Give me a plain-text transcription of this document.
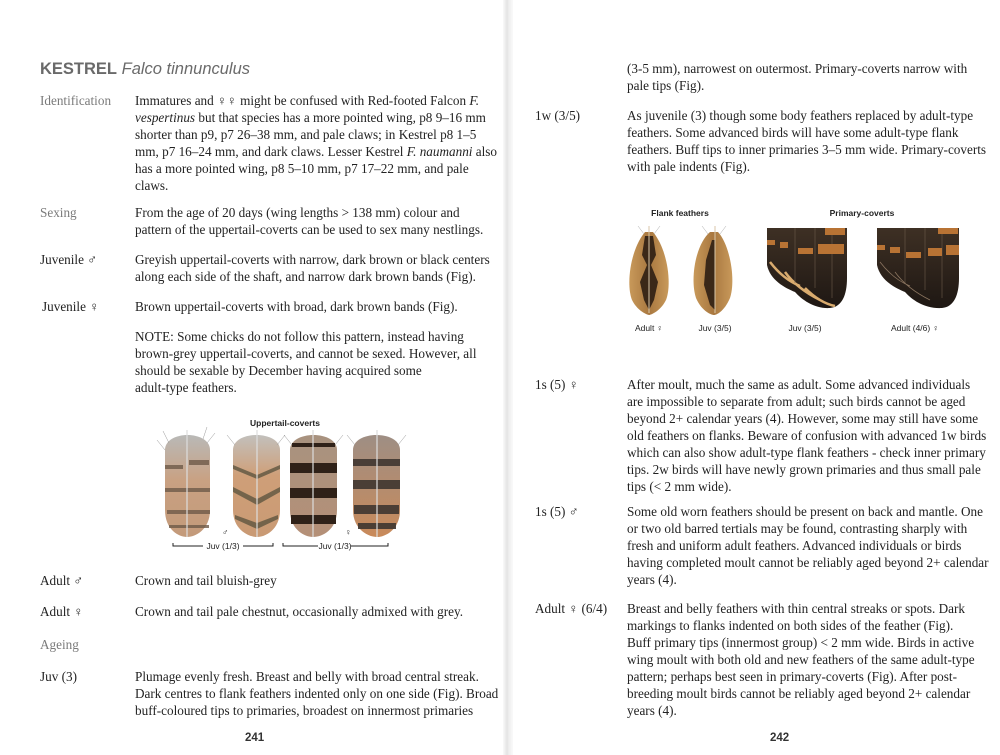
KESTREL Falco tinnunculus
Identification Immatures and ♀♀ might be confused with Red-footed Falcon F.
vespertinus but that species has a more pointed wing, p8 9–16 mm
shorter than p9, p7 26–38 mm, and pale claws; in Kestrel p8 1–5
mm, p7 16–24 mm, and dark claws. Lesser Kestrel F. naumanni also
has a more pointed wing, p8 5–10 mm, p7 17–22 mm, and pale
claws.
Sexing	From the age of 20 days (wing lengths > 138 mm) colour and
pattern of the uppertail-coverts can be used to sex many nestlings.
Juvenile ♂	Greyish uppertail-coverts with narrow, dark brown or black centers
along each side of the shaft, and narrow dark brown bands (Fig).
Juvenile ♀	Brown uppertail-coverts with broad, dark brown bands (Fig).
NOTE: Some chicks do not follow this pattern, instead having
brown-grey uppertail-coverts, and cannot be sexed. However, all
should be sexable by December having acquired some
adult-type feathers.
Uppertail-coverts
♂	♀
Juv (1/3)	Juv (1/3)
Adult ♂	Crown and tail bluish-grey
Adult ♀	Crown and tail pale chestnut, occasionally admixed with grey.
Ageing
Juv (3)	Plumage evenly fresh. Breast and belly with broad central streak.
Dark centres to flank feathers indented only on one side (Fig). Broad
buff-coloured tips to primaries, broadest on innermost primaries
241
(3-5 mm), narrowest on outermost. Primary-coverts narrow with
pale tips (Fig).
1w (3/5)	As juvenile (3) though some body feathers replaced by adult-type
feathers. Some advanced birds will have some adult-type flank
feathers. Buff tips to inner primaries 3–5 mm wide. Primary-coverts
with pale indents (Fig).
Flank feathers	Primary-coverts
Adult ♀	Juv (3/5)	Juv (3/5)	Adult (4/6) ♀
1s (5) ♀	After moult, much the same as adult. Some advanced individuals
are impossible to separate from adult; such birds cannot be aged
beyond 2+ calendar years (4). However, some may still have some
old feathers on flanks. Beware of confusion with advanced 1w birds
which can also show adult-type flank feathers - check inner primary
tips. 2w birds will have newly grown primaries and thus small pale
tips (< 2 mm wide).
1s (5) ♂	Some old worn feathers should be present on back and mantle. One
or two old barred tertials may be found, contrasting sharply with
fresh and uniform adult feathers. Advanced individuals or birds
having completed moult cannot be reliably aged beyond 2+ calendar
years (4).
Adult ♀ (6/4) Breast and belly feathers with thin central streaks or spots. Dark
markings to flanks indented on both sides of the feather (Fig).
Buff primary tips (innermost group) < 2 mm wide. Birds in active
wing moult with both old and new feathers of the same adult-type
pattern; perhaps best seen in primary-coverts (Fig). After post-
breeding moult birds cannot be reliably aged beyond 2+ calendar
years (4).
242
